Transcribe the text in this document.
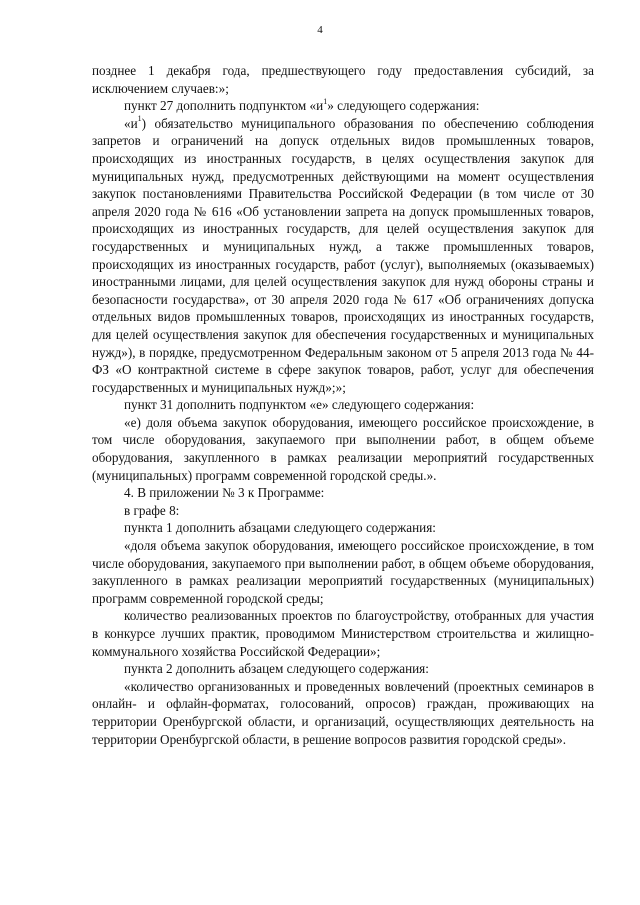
4

позднее 1 декабря года, предшествующего году предоставления субсидий, за исключением случаев:»;

пункт 27 дополнить подпунктом «$и^1$» следующего содержания:

«$и^1$) обязательство муниципального образования по обеспечению соблюдения запретов и ограничений на допуск отдельных видов промышленных товаров, происходящих из иностранных государств, в целях осуществления закупок для муниципальных нужд, предусмотренных действующими на момент осуществления закупок постановлениями Правительства Российской Федерации (в том числе от 30 апреля 2020 года № 616 «Об установлении запрета на допуск промышленных товаров, происходящих из иностранных государств, для целей осуществления закупок для государственных и муниципальных нужд, а также промышленных товаров, происходящих из иностранных государств, работ (услуг), выполняемых (оказываемых) иностранными лицами, для целей осуществления закупок для нужд обороны страны и безопасности государства», от 30 апреля 2020 года № 617 «Об ограничениях допуска отдельных видов промышленных товаров, происходящих из иностранных государств, для целей осуществления закупок для обеспечения государственных и муниципальных нужд»), в порядке, предусмотренном Федеральным законом от 5 апреля 2013 года № 44-ФЗ «О контрактной системе в сфере закупок товаров, работ, услуг для обеспечения государственных и муниципальных нужд»;»;

пункт 31 дополнить подпунктом «е» следующего содержания:

«е) доля объема закупок оборудования, имеющего российское происхождение, в том числе оборудования, закупаемого при выполнении работ, в общем объеме оборудования, закупленного в рамках реализации мероприятий государственных (муниципальных) программ современной городской среды.».

4. В приложении № 3 к Программе:

в графе 8:

пункта 1 дополнить абзацами следующего содержания:

«доля объема закупок оборудования, имеющего российское происхождение, в том числе оборудования, закупаемого при выполнении работ, в общем объеме оборудования, закупленного в рамках реализации мероприятий государственных (муниципальных) программ современной городской среды;

количество реализованных проектов по благоустройству, отобранных для участия в конкурсе лучших практик, проводимом Министерством строительства и жилищно-коммунального хозяйства Российской Федерации»;

пункта 2 дополнить абзацем следующего содержания:

«количество организованных и проведенных вовлечений (проектных семинаров в онлайн- и офлайн-форматах, голосований, опросов) граждан, проживающих на территории Оренбургской области, и организаций, осуществляющих деятельность на территории Оренбургской области, в решение вопросов развития городской среды».
